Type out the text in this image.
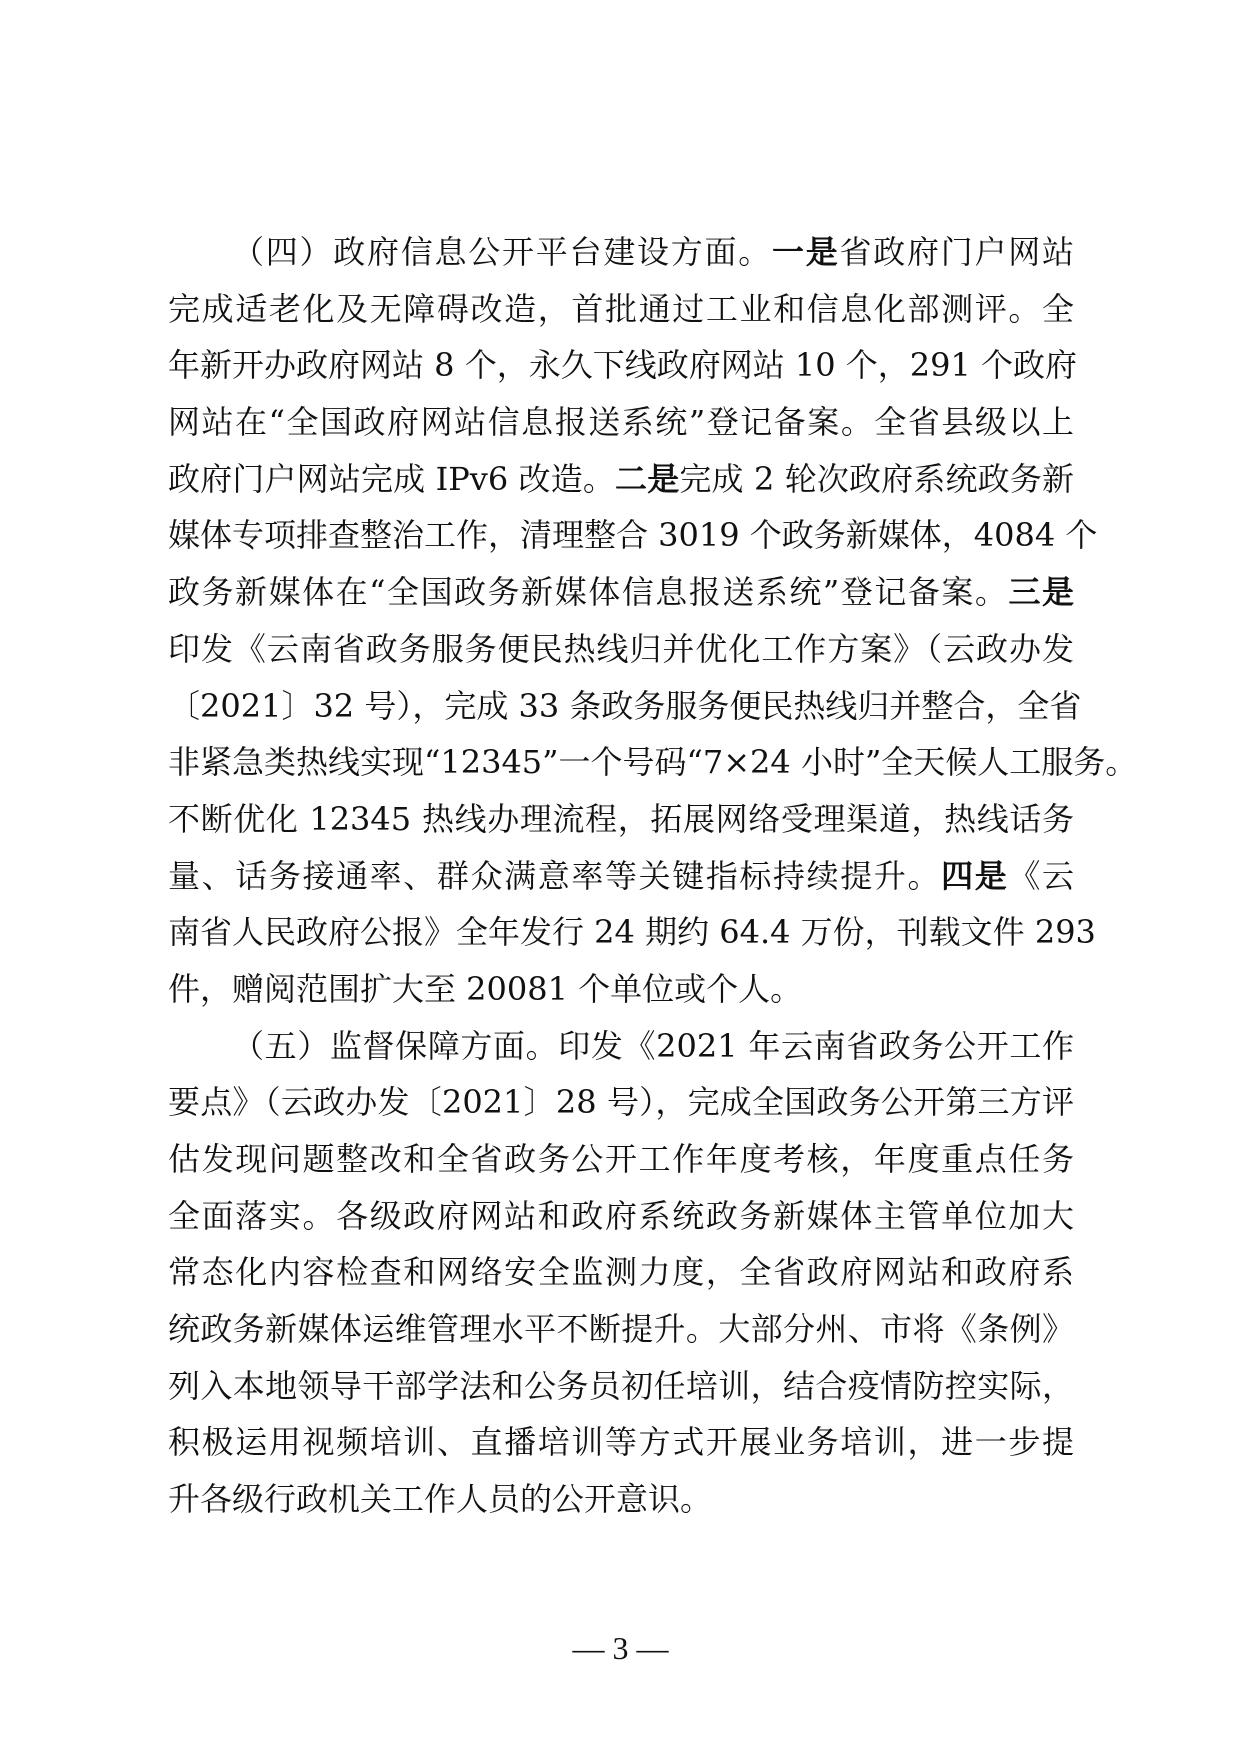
（四）政府信息公开平台建设方面。一是省政府门户网站
完成适老化及无障碍改造，首批通过工业和信息化部测评。全
年新开办政府网站 8 个，永久下线政府网站 10 个，291 个政府
网站在“全国政府网站信息报送系统”登记备案。全省县级以上
政府门户网站完成 IPv6 改造。二是完成 2 轮次政府系统政务新
媒体专项排查整治工作，清理整合 3019 个政务新媒体，4084 个
政务新媒体在“全国政务新媒体信息报送系统”登记备案。三是
印发《云南省政务服务便民热线归并优化工作方案》（云政办发
〔2021〕32 号），完成 33 条政务服务便民热线归并整合，全省
非紧急类热线实现“12345”一个号码“7×24 小时”全天候人工服务。
不断优化 12345 热线办理流程，拓展网络受理渠道，热线话务
量、话务接通率、群众满意率等关键指标持续提升。四是《云
南省人民政府公报》全年发行 24 期约 64.4 万份，刊载文件 293
件，赠阅范围扩大至 20081 个单位或个人。
（五）监督保障方面。印发《2021 年云南省政务公开工作
要点》（云政办发〔2021〕28 号），完成全国政务公开第三方评
估发现问题整改和全省政务公开工作年度考核，年度重点任务
全面落实。各级政府网站和政府系统政务新媒体主管单位加大
常态化内容检查和网络安全监测力度，全省政府网站和政府系
统政务新媒体运维管理水平不断提升。大部分州、市将《条例》
列入本地领导干部学法和公务员初任培训，结合疫情防控实际，
积极运用视频培训、直播培训等方式开展业务培训，进一步提
升各级行政机关工作人员的公开意识。
— 3 —
